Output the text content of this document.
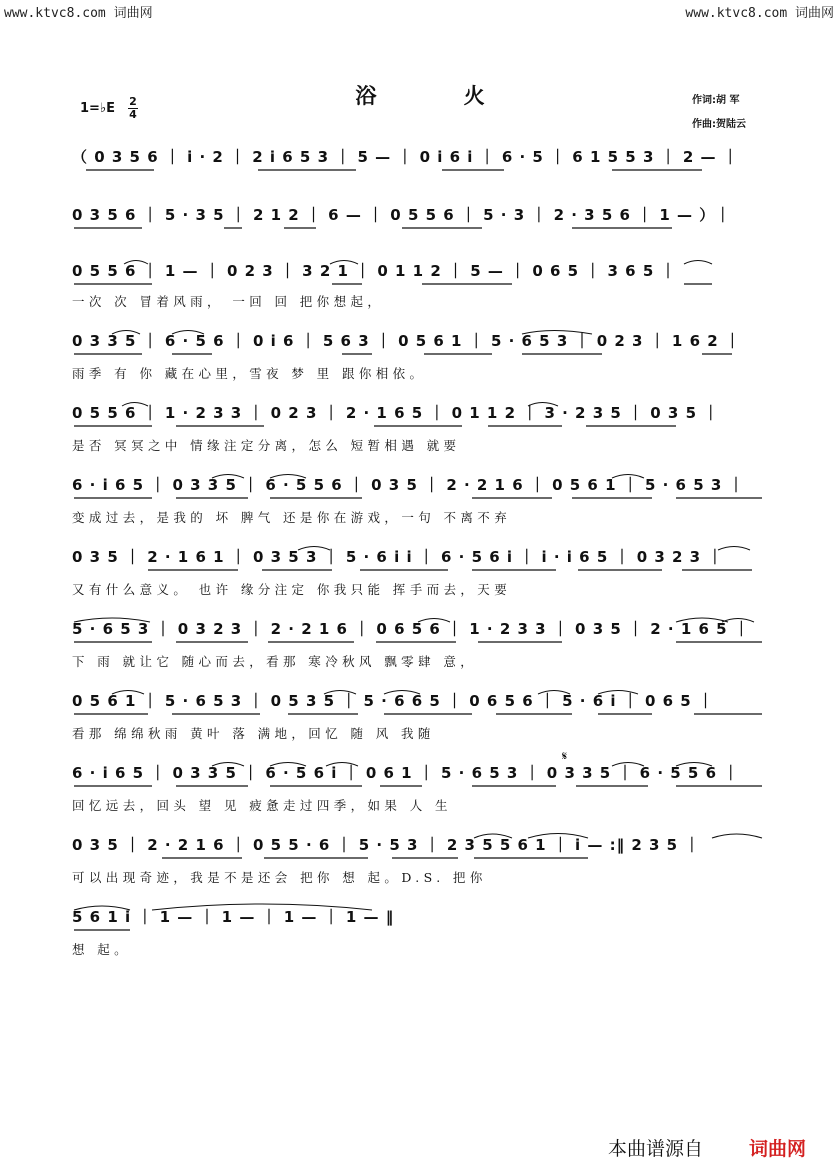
www.ktvc8.com 词曲网	www.ktvc8.com 词曲网
浴 火
1=♭E 2
4
作词:胡 军
作曲:贺陆云
（ 0 3 5 6 ｜ i · 2 ｜ 2 i 6 5 3 ｜ 5 — ｜ 0 i 6 i ｜ 6 · 5 ｜ 6 1 5 5 3 ｜ 2 — ｜
0 3 5 6 ｜ 5 · 3 5 ｜ 2 1 2 ｜ 6 — ｜ 0 5 5 6 ｜ 5 · 3 ｜ 2 · 3 5 6 ｜ 1 — ）｜
0 5 5 6 ｜ 1 — ｜ 0 2 3 ｜ 3 2 1 ｜ 0 1 1 2 ｜ 5 — ｜ 0 6 5 ｜ 3 6 5 ｜
一次 次 冒着风雨， 一回 回 把你想起，
0 3 3 5 ｜ 6 · 5 6 ｜ 0 i 6 ｜ 5 6 3 ｜ 0 5 6 1 ｜ 5 · 6 5 3 ｜ 0 2 3 ｜ 1 6 2 ｜
雨季 有 你 藏在心里，雪夜 梦 里 跟你相依。
0 5 5 6 ｜ 1 · 2 3 3 ｜ 0 2 3 ｜ 2 · 1 6 5 ｜ 0 1 1 2 ｜ 3 · 2 3 5 ｜ 0 3 5 ｜
是否 冥冥之中 情缘注定分离，怎么 短暂相遇 就要
6 · i 6 5 ｜ 0 3 3 5 ｜ 6 · 5 5 6 ｜ 0 3 5 ｜ 2 · 2 1 6 ｜ 0 5 6 1 ｜ 5 · 6 5 3 ｜
变成过去，是我的 坏 脾气 还是你在游戏，一句 不离不弃
0 3 5 ｜ 2 · 1 6 1 ｜ 0 3 5 3 ｜ 5 · 6 i i ｜ 6 · 5 6 i ｜ i · i 6 5 ｜ 0 3 2 3 ｜
又有什么意义。 也许 缘分注定 你我只能 挥手而去，天要
5 · 6 5 3 ｜ 0 3 2 3 ｜ 2 · 2 1 6 ｜ 0 6 5 6 ｜ 1 · 2 3 3 ｜ 0 3 5 ｜ 2 · 1 6 5 ｜
下 雨 就让它 随心而去，看那 寒冷秋风 飘零肆 意，
0 5 6 1 ｜ 5 · 6 5 3 ｜ 0 5 3 5 ｜ 5 · 6 6 5 ｜ 0 6 5 6 ｜ 5 · 6 i ｜ 0 6 5 ｜
看那 绵绵秋雨 黄叶 落 满地，回忆 随 风 我随
𝄋
6 · i 6 5 ｜ 0 3 3 5 ｜ 6 · 5 6 i ｜ 0 6 1 ｜ 5 · 6 5 3 ｜ 0 3 3 5 ｜ 6 · 5 5 6 ｜
回忆远去，回头 望 见 疲惫走过四季，如果 人 生
0 3 5 ｜ 2 · 2 1 6 ｜ 0 5 5 · 6 ｜ 5 · 5 3 ｜ 2 3 5 5 6 1 ｜ i — :‖ 2 3 5 ｜
可以出现奇迹，我是不是还会 把你 想 起。D.S. 把你
5 6 1 i ｜ 1 — ｜ 1 — ｜ 1 — ｜ 1 — ‖
想 起。
本曲谱源自 词曲网
